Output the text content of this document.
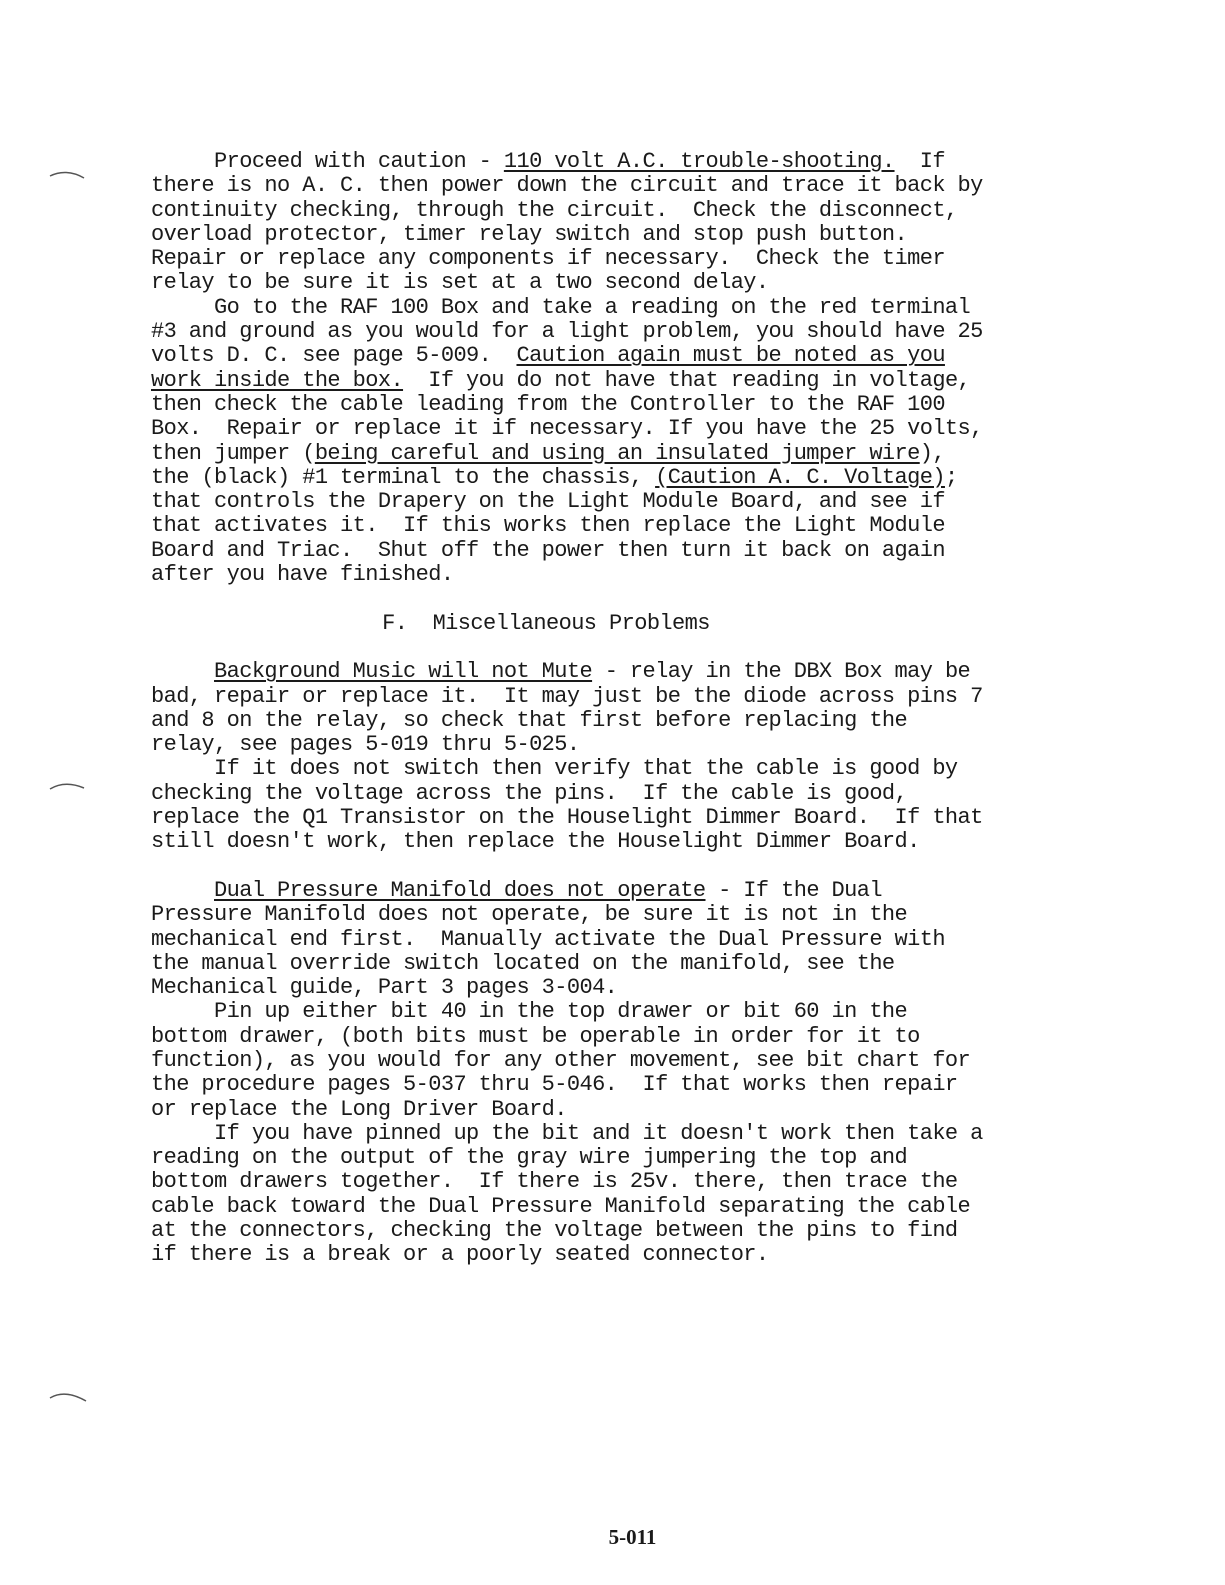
Proceed with caution - 110 volt A.C. trouble-shooting.  If
there is no A. C. then power down the circuit and trace it back by
continuity checking, through the circuit.  Check the disconnect,
overload protector, timer relay switch and stop push button.
Repair or replace any components if necessary.  Check the timer
relay to be sure it is set at a two second delay.
Go to the RAF 100 Box and take a reading on the red terminal
#3 and ground as you would for a light problem, you should have 25
volts D. C. see page 5-009.  Caution again must be noted as you
work inside the box.  If you do not have that reading in voltage,
then check the cable leading from the Controller to the RAF 100
Box.  Repair or replace it if necessary. If you have the 25 volts,
then jumper (being careful and using an insulated jumper wire),
the (black) #1 terminal to the chassis, (Caution A. C. Voltage);
that controls the Drapery on the Light Module Board, and see if
that activates it.  If this works then replace the Light Module
Board and Triac.  Shut off the power then turn it back on again
after you have finished.
F.  Miscellaneous Problems
Background Music will not Mute - relay in the DBX Box may be
bad, repair or replace it.  It may just be the diode across pins 7
and 8 on the relay, so check that first before replacing the
relay, see pages 5-019 thru 5-025.
If it does not switch then verify that the cable is good by
checking the voltage across the pins.  If the cable is good,
replace the Q1 Transistor on the Houselight Dimmer Board.  If that
still doesn't work, then replace the Houselight Dimmer Board.
Dual Pressure Manifold does not operate - If the Dual
Pressure Manifold does not operate, be sure it is not in the
mechanical end first.  Manually activate the Dual Pressure with
the manual override switch located on the manifold, see the
Mechanical guide, Part 3 pages 3-004.
Pin up either bit 40 in the top drawer or bit 60 in the
bottom drawer, (both bits must be operable in order for it to
function), as you would for any other movement, see bit chart for
the procedure pages 5-037 thru 5-046.  If that works then repair
or replace the Long Driver Board.
If you have pinned up the bit and it doesn't work then take a
reading on the output of the gray wire jumpering the top and
bottom drawers together.  If there is 25v. there, then trace the
cable back toward the Dual Pressure Manifold separating the cable
at the connectors, checking the voltage between the pins to find
if there is a break or a poorly seated connector.
5-011
